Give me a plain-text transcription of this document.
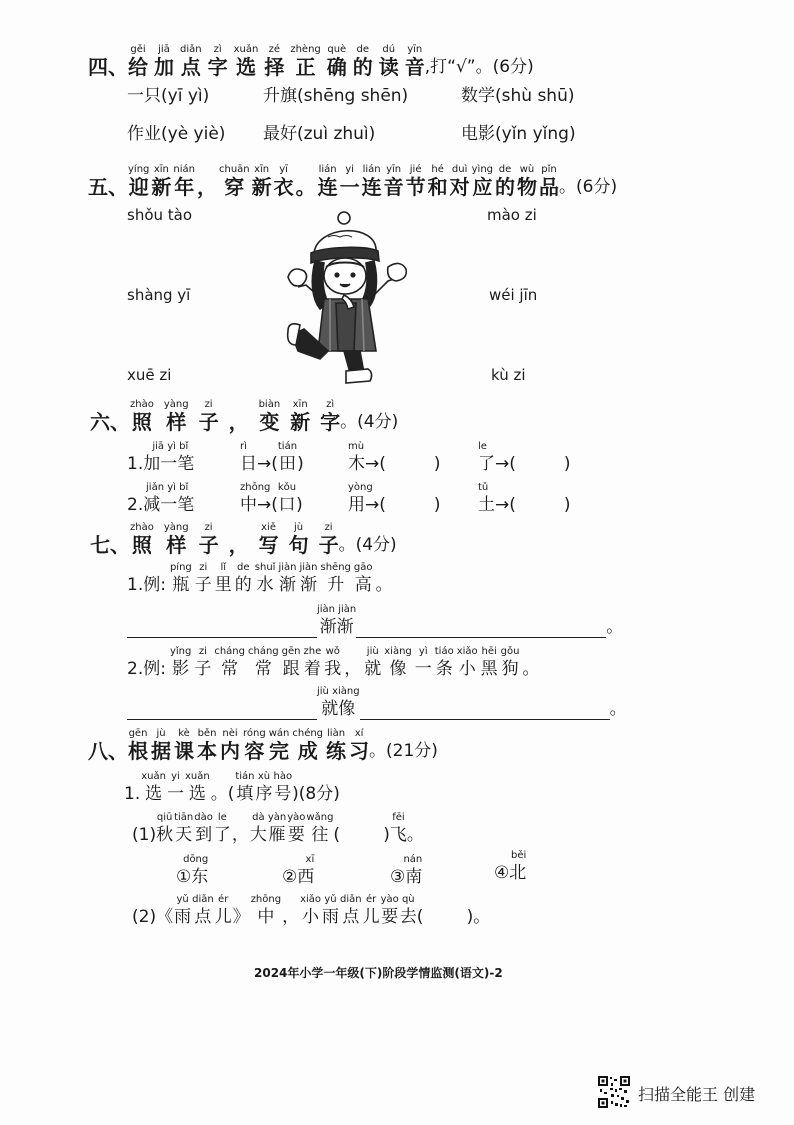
四、
gěi
给
jiā
加
diǎn
点
zì
字
xuǎn
选
zé
择
zhèng
正
què
确
de
的
dú
读
yīn
音 ,打“√”。(6分)
一只(yī yì)	升旗(shēng shēn)	数学(shù shū)
作业(yè yiè) 最好(zuì zhuì)	电影(yǐn yǐng)
五、
yíng
迎
xīn
新
nián
年 ，
chuān
穿
xīn
新
yī
衣 。
lián
连
yi
一
lián
连
yīn
音
jié
节
hé
和
duì
对
yìng
应
de
的
wù
物
pǐn
品 。(6分)
shǒu tào
shàng yī
xuē zi
mào zi
wéi jīn
kù zi
六、
zhào
照
yàng
样
zi
子 ，
biàn
变
xīn
新
zì
字 。(4分)
jiā yì bǐ
1.加一笔
rì
日→(
tián
田 )
mù
木→(	)
le
了→(	)
jiǎn yì bǐ
2.减一笔
zhōng
中→(
kǒu
口 )
yòng
用→(	)
tǔ
土→(	)
七、
zhào
照
yàng
样
zi
子 ，
xiě
写
jù
句
zi
子 。(4分)
1.例:
píng
瓶
zi
子
lǐ
里
de
的
shuǐ
水
jiàn
渐
jiàn
渐
shēng
升
gāo
高 。
jiàn jiàn
渐渐	。
2.例:
yǐng
影
zi
子
cháng
常
cháng
常
gēn
跟
zhe
着
wǒ
我 ，
jiù
就
xiàng
像
yì
一
tiáo
条
xiǎo
小
hēi
黑
gǒu
狗 。
jiù xiàng
就像	。
八、
gēn
根
jù
据
kè
课
běn
本
nèi
内
róng
容
wán
完
chéng
成
liàn
练
xí
习 。(21分)
1.
xuǎn
选
yi
一
xuǎn
选 。(
tián
填
xù
序
hào
号 )(8分)
(1)
qiū
秋
tiān
天
dào
到
le
了 ，
dà
大
yàn
雁
yào
要
wǎng
往 (        )
fēi
飞 。
dōng
①东
xī
②西
nán
③南
běi
④北
(2) 《
yǔ
雨
diǎn
点
ér
儿 》
zhōng
中 ，
xiǎo
小
yǔ
雨
diǎn
点
ér
儿
yào
要
qù
去 (        ) 。
2024年小学一年级(下)阶段学情监测(语文)-2
扫描全能王 创建
